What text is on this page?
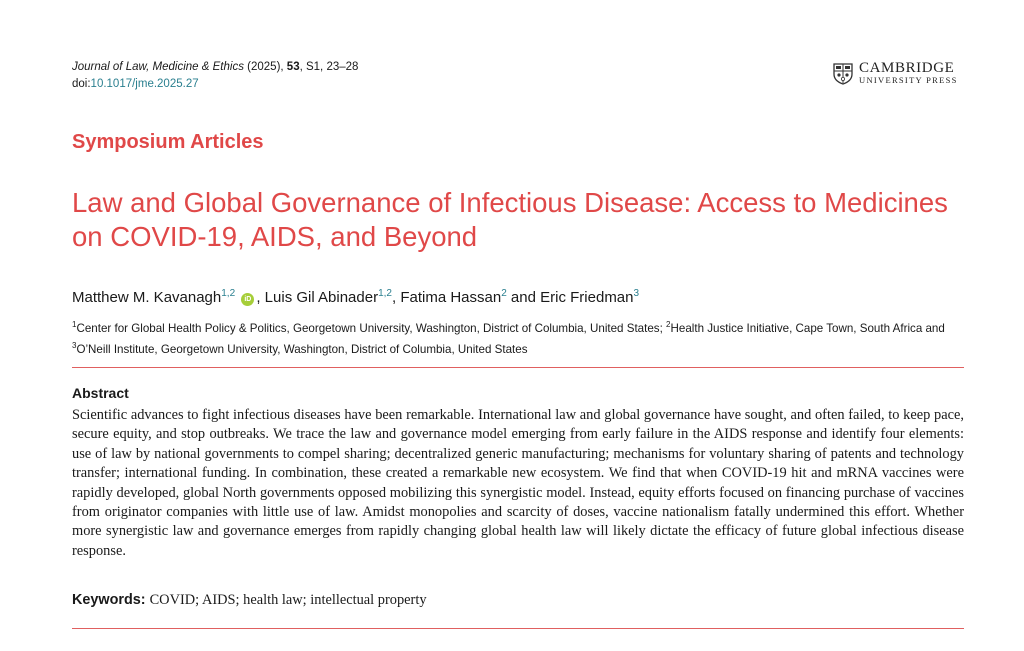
Journal of Law, Medicine & Ethics (2025), 53, S1, 23–28
doi:10.1017/jme.2025.27
CAMBRIDGE
UNIVERSITY PRESS
Symposium Articles
Law and Global Governance of Infectious Disease: Access to Medicines on COVID-19, AIDS, and Beyond
Matthew M. Kavanagh$^{1,2}$ iD , Luis Gil Abinader$^{1,2}$, Fatima Hassan$^2$ and Eric Friedman$^3$
$^1$Center for Global Health Policy & Politics, Georgetown University, Washington, District of Columbia, United States; $^2$Health Justice Initiative, Cape Town, South Africa and $^3$O’Neill Institute, Georgetown University, Washington, District of Columbia, United States
Abstract
Scientific advances to fight infectious diseases have been remarkable. International law and global governance have sought, and often failed, to keep pace, secure equity, and stop outbreaks. We trace the law and governance model emerging from early failure in the AIDS response and identify four elements: use of law by national governments to compel sharing; decentralized generic manufacturing; mechanisms for voluntary sharing of patents and technology transfer; international funding. In combination, these created a remarkable new ecosystem. We find that when COVID-19 hit and mRNA vaccines were rapidly developed, global North governments opposed mobilizing this synergistic model. Instead, equity efforts focused on financing purchase of vaccines from originator companies with little use of law. Amidst monopolies and scarcity of doses, vaccine nationalism fatally undermined this effort. Whether more synergistic law and governance emerges from rapidly changing global health law will likely dictate the efficacy of future global infectious disease response.
Keywords: COVID; AIDS; health law; intellectual property
